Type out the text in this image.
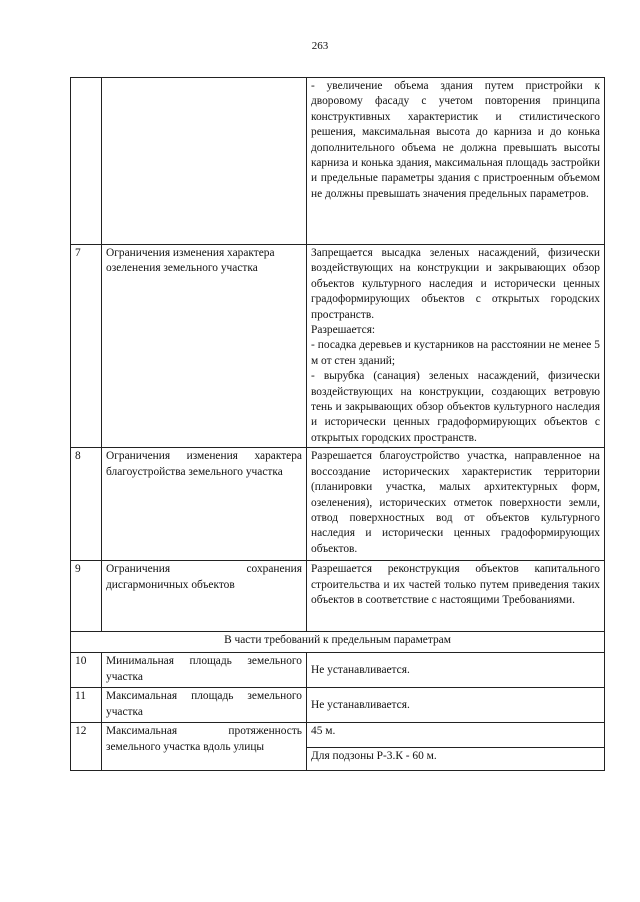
263
		- увеличение объема здания путем пристройки к дворовому фасаду с учетом повторения принципа конструктивных характеристик и стилистического решения, максимальная высота до карниза и до конька дополнительного объема не должна превышать высоты карниза и конька здания, максимальная площадь застройки и предельные параметры здания с пристроенным объемом не должны превышать значения предельных параметров.
7	Ограничения изменения характера озеленения земельного участка	Запрещается высадка зеленых насаждений, физически воздействующих на конструкции и закрывающих обзор объектов культурного наследия и исторически ценных градоформирующих объектов с открытых городских пространств.

Разрешается:

- посадка деревьев и кустарников на расстоянии не менее 5 м от стен зданий;

- вырубка (санация) зеленых насаждений, физически воздействующих на конструкции, создающих ветровую тень и закрывающих обзор объектов культурного наследия и исторически ценных градоформирующих объектов с открытых городских пространств.

8	Ограничения изменения характера благоустройства земельного участка	Разрешается благоустройство участка, направленное на воссоздание исторических характеристик территории (планировки участка, малых архитектурных форм, озеленения), исторических отметок поверхности земли, отвод поверхностных вод от объектов культурного наследия и исторически ценных градоформирующих объектов.
9	Ограничения сохранения дисгармоничных объектов	Разрешается реконструкция объектов капитального строительства и их частей только путем приведения таких объектов в соответствие с настоящими Требованиями.
В части требований к предельным параметрам		
10	Минимальная площадь земельного участка	Не устанавливается.
11	Максимальная площадь земельного участка	Не устанавливается.
12	Максимальная протяженность земельного участка вдоль улицы	45 м.
Для подзоны Р-3.К - 60 м.
